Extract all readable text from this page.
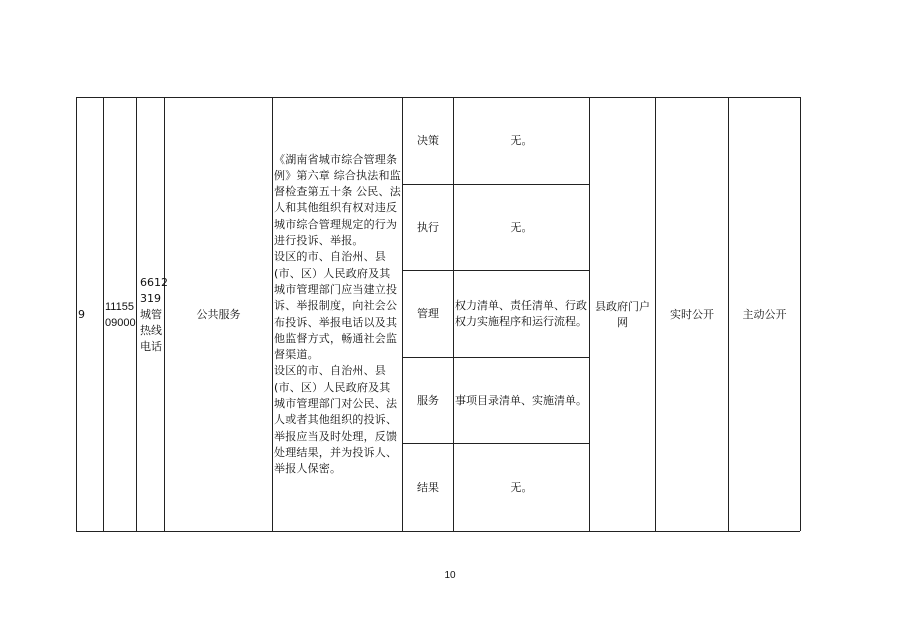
9
11155
09000
6612
319
城管
热线
电话
公共服务
《湖南省城市综合管理条例》第六章 综合执法和监督检查第五十条 公民、法人和其他组织有权对违反城市综合管理规定的行为进行投诉、举报。
设区的市、自治州、县(市、区）人民政府及其城市管理部门应当建立投诉、举报制度，向社会公布投诉、举报电话以及其他监督方式，畅通社会监督渠道。
设区的市、自治州、县(市、区）人民政府及其城市管理部门对公民、法人或者其他组织的投诉、举报应当及时处理，反馈处理结果，并为投诉人、举报人保密。
决策
执行
管理
服务
结果
无。
无。
权力清单、责任清单、行政权力实施程序和运行流程。
事项目录清单、实施清单。
无。
县政府门户网
实时公开	主动公开
10
